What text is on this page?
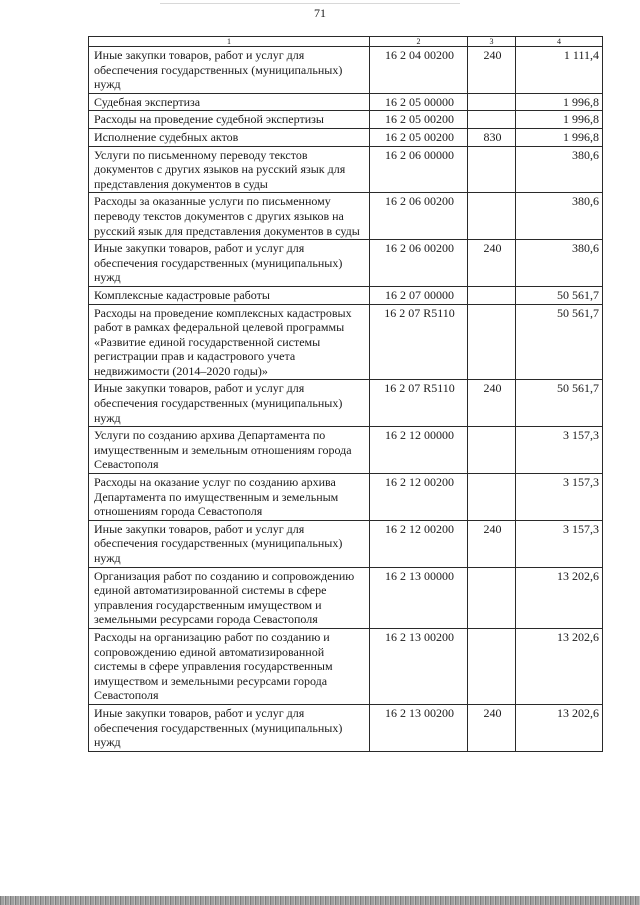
71
1	2	3	4
Иные закупки товаров, работ и услуг для обеспечения государственных (муниципальных) нужд	16 2 04 00200	240	1 111,4
Судебная экспертиза	16 2 05 00000		1 996,8
Расходы на проведение судебной экспертизы	16 2 05 00200		1 996,8
Исполнение судебных актов	16 2 05 00200	830	1 996,8
Услуги по письменному переводу текстов документов с других языков на русский язык для представления документов в суды	16 2 06 00000		380,6
Расходы за оказанные услуги по письменному переводу текстов документов с других языков на русский язык для представления документов в суды	16 2 06 00200		380,6
Иные закупки товаров, работ и услуг для обеспечения государственных (муниципальных) нужд	16 2 06 00200	240	380,6
Комплексные кадастровые работы	16 2 07 00000		50 561,7
Расходы на проведение комплексных кадастровых работ в рамках федеральной целевой программы «Развитие единой государственной системы регистрации прав и кадастрового учета недвижимости (2014–2020 годы)»	16 2 07 R5110		50 561,7
Иные закупки товаров, работ и услуг для обеспечения государственных (муниципальных) нужд	16 2 07 R5110	240	50 561,7
Услуги по созданию архива Департамента по имущественным и земельным отношениям города Севастополя	16 2 12 00000		3 157,3
Расходы на оказание услуг по созданию архива Департамента по имущественным и земельным отношениям города Севастополя	16 2 12 00200		3 157,3
Иные закупки товаров, работ и услуг для обеспечения государственных (муниципальных) нужд	16 2 12 00200	240	3 157,3
Организация работ по созданию и сопровождению единой автоматизированной системы в сфере управления государственным имуществом и земельными ресурсами города Севастополя	16 2 13 00000		13 202,6
Расходы на организацию работ по созданию и сопровождению единой автоматизированной системы в сфере управления государственным имуществом и земельными ресурсами города Севастополя	16 2 13 00200		13 202,6
Иные закупки товаров, работ и услуг для обеспечения государственных (муниципальных) нужд	16 2 13 00200	240	13 202,6
